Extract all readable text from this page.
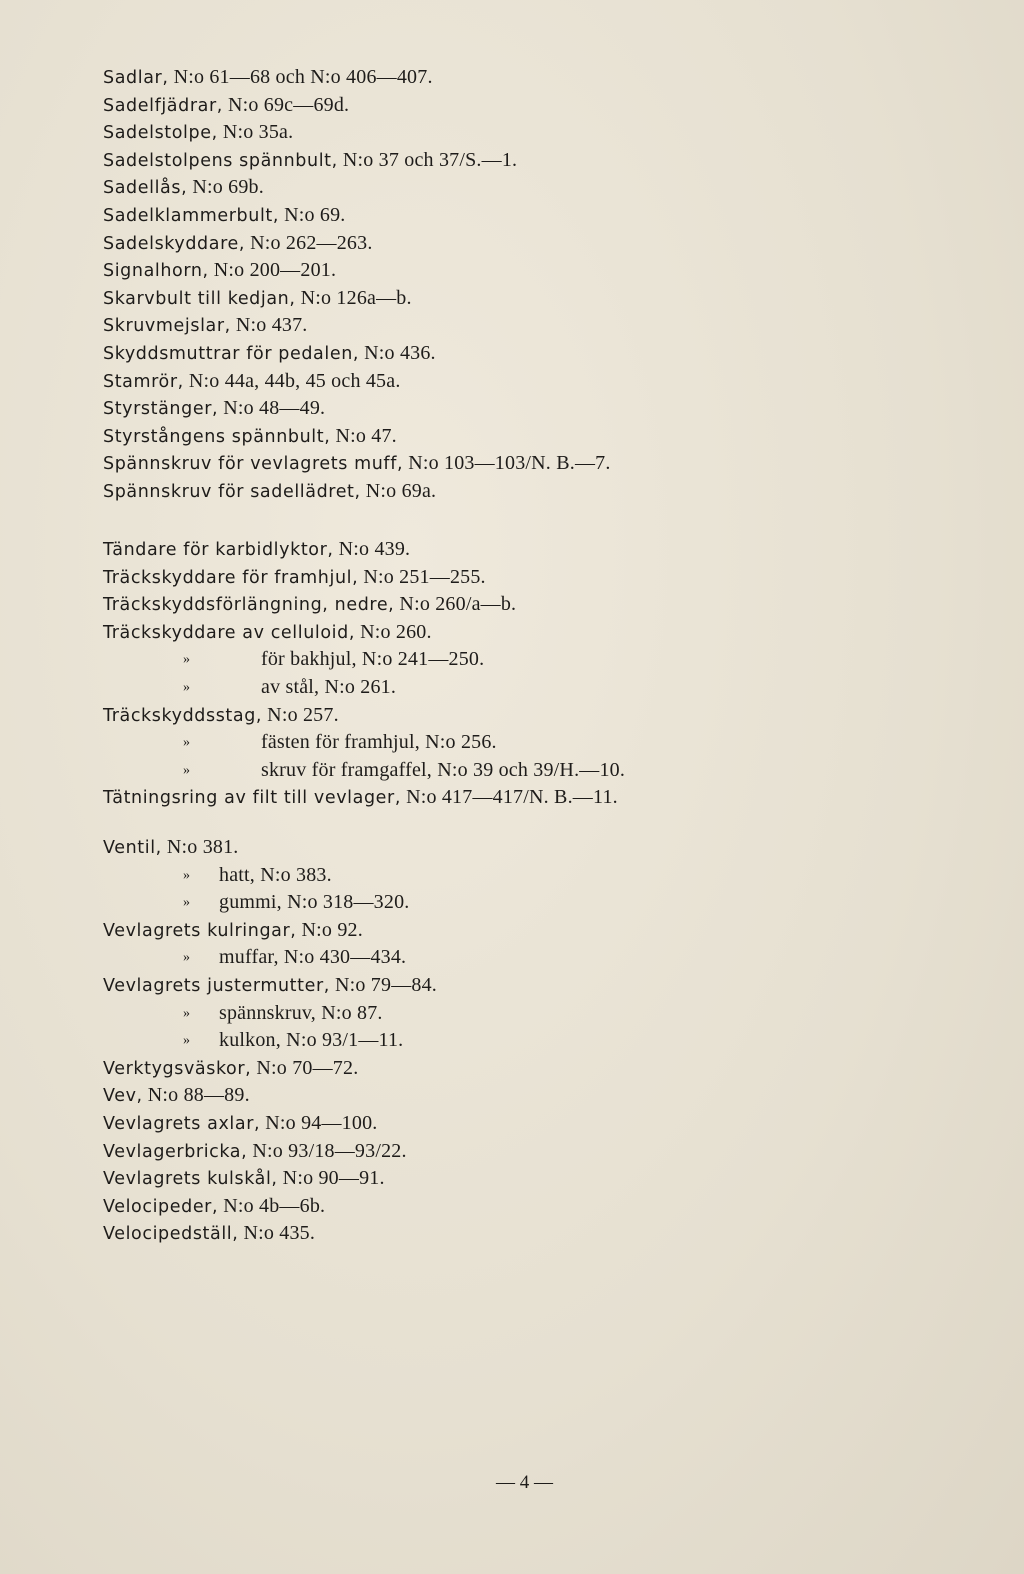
Sadlar, N:o 61—68 och N:o 406—407.
Sadelfjädrar, N:o 69c—69d.
Sadelstolpe, N:o 35a.
Sadelstolpens spännbult, N:o 37 och 37/S.—1.
Sadellås, N:o 69b.
Sadelklammerbult, N:o 69.
Sadelskyddare, N:o 262—263.
Signalhorn, N:o 200—201.
Skarvbult till kedjan, N:o 126a—b.
Skruvmejslar, N:o 437.
Skyddsmuttrar för pedalen, N:o 436.
Stamrör, N:o 44a, 44b, 45 och 45a.
Styrstänger, N:o 48—49.
Styrstångens spännbult, N:o 47.
Spännskruv för vevlagrets muff, N:o 103—103/N. B.—7.
Spännskruv för sadellädret, N:o 69a.
Tändare för karbidlyktor, N:o 439.
Träckskyddare för framhjul, N:o 251—255.
Träckskyddsförlängning, nedre, N:o 260/a—b.
Träckskyddare av celluloid, N:o 260.
»	för bakhjul, N:o 241—250.
»	av stål, N:o 261.
Träckskyddsstag, N:o 257.
»	fästen för framhjul, N:o 256.
»	skruv för framgaffel, N:o 39 och 39/H.—10.
Tätningsring av filt till vevlager, N:o 417—417/N. B.—11.
Ventil, N:o 381.
» hatt, N:o 383.
» gummi, N:o 318—320.
Vevlagrets kulringar, N:o 92.
» muffar, N:o 430—434.
Vevlagrets justermutter, N:o 79—84.
» spännskruv, N:o 87.
» kulkon, N:o 93/1—11.
Verktygsväskor, N:o 70—72.
Vev, N:o 88—89.
Vevlagrets axlar, N:o 94—100.
Vevlagerbricka, N:o 93/18—93/22.
Vevlagrets kulskål, N:o 90—91.
Velocipeder, N:o 4b—6b.
Velocipedställ, N:o 435.
— 4 —
